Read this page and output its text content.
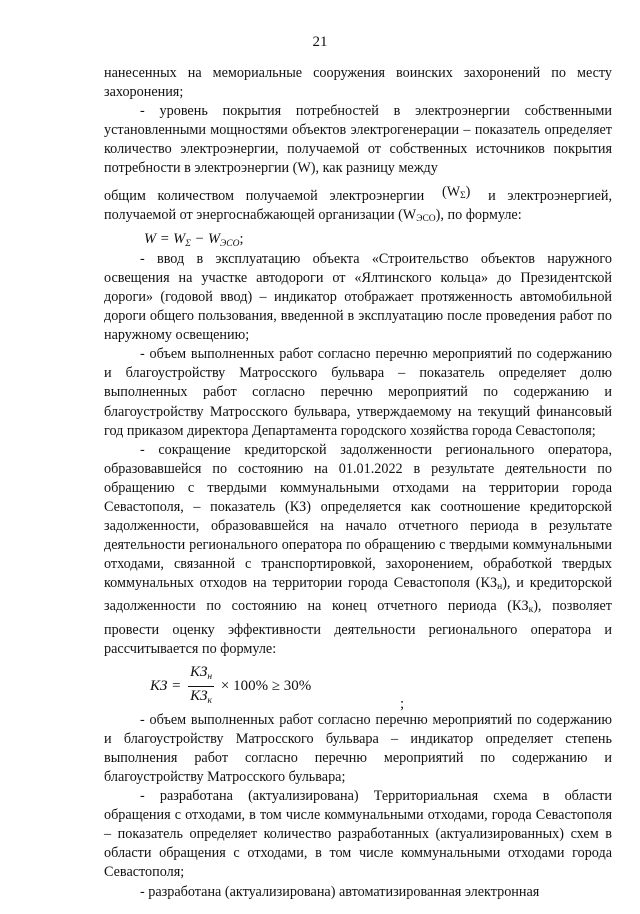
21

нанесенных на мемориальные сооружения воинских захоронений по месту захоронения;

- уровень покрытия потребностей в электроэнергии собственными установленными мощностями объектов электрогенерации – показатель определяет количество электроэнергии, получаемой от собственных источников покрытия потребности в электроэнергии (W), как разницу между

общим количеством получаемой электроэнергии (WΣ) и электроэнергией, получаемой от энергоснабжающей организации (WЭСО), по формуле:

$W = W_\Sigma - W_{ЭСО}$;

- ввод в эксплуатацию объекта «Строительство объектов наружного освещения на участке автодороги от «Ялтинского кольца» до Президентской дороги» (годовой ввод) – индикатор отображает протяженность автомобильной дороги общего пользования, введенной в эксплуатацию после проведения работ по наружному освещению;

- объем выполненных работ согласно перечню мероприятий по содержанию и благоустройству Матросского бульвара – показатель определяет долю выполненных работ согласно перечню мероприятий по содержанию и благоустройству Матросского бульвара, утверждаемому на текущий финансовый год приказом директора Департамента городского хозяйства города Севастополя;

- сокращение кредиторской задолженности регионального оператора, образовавшейся по состоянию на 01.01.2022 в результате деятельности по обращению с твердыми коммунальными отходами на территории города Севастополя, – показатель (КЗ) определяется как соотношение кредиторской задолженности, образовавшейся на начало отчетного периода в результате деятельности регионального оператора по обращению с твердыми коммунальными отходами, связанной с транспортировкой, захоронением, обработкой твердых коммунальных отходов на территории города Севастополя (КЗн), и кредиторской задолженности по состоянию на конец отчетного периода (КЗк), позволяет провести оценку эффективности деятельности регионального оператора и рассчитывается по формуле:

КЗ = $\frac{КЗ_н}{КЗ_к} \times 100\% \ge 30\%$
;

- объем выполненных работ согласно перечню мероприятий по содержанию и благоустройству Матросского бульвара – индикатор определяет степень выполнения работ согласно перечню мероприятий по содержанию и благоустройству Матросского бульвара;

- разработана (актуализирована) Территориальная схема в области обращения с отходами, в том числе коммунальными отходами, города Севастополя – показатель определяет количество разработанных (актуализированных) схем в области обращения с отходами, в том числе коммунальными отходами города Севастополя;

- разработана (актуализирована) автоматизированная электронная
